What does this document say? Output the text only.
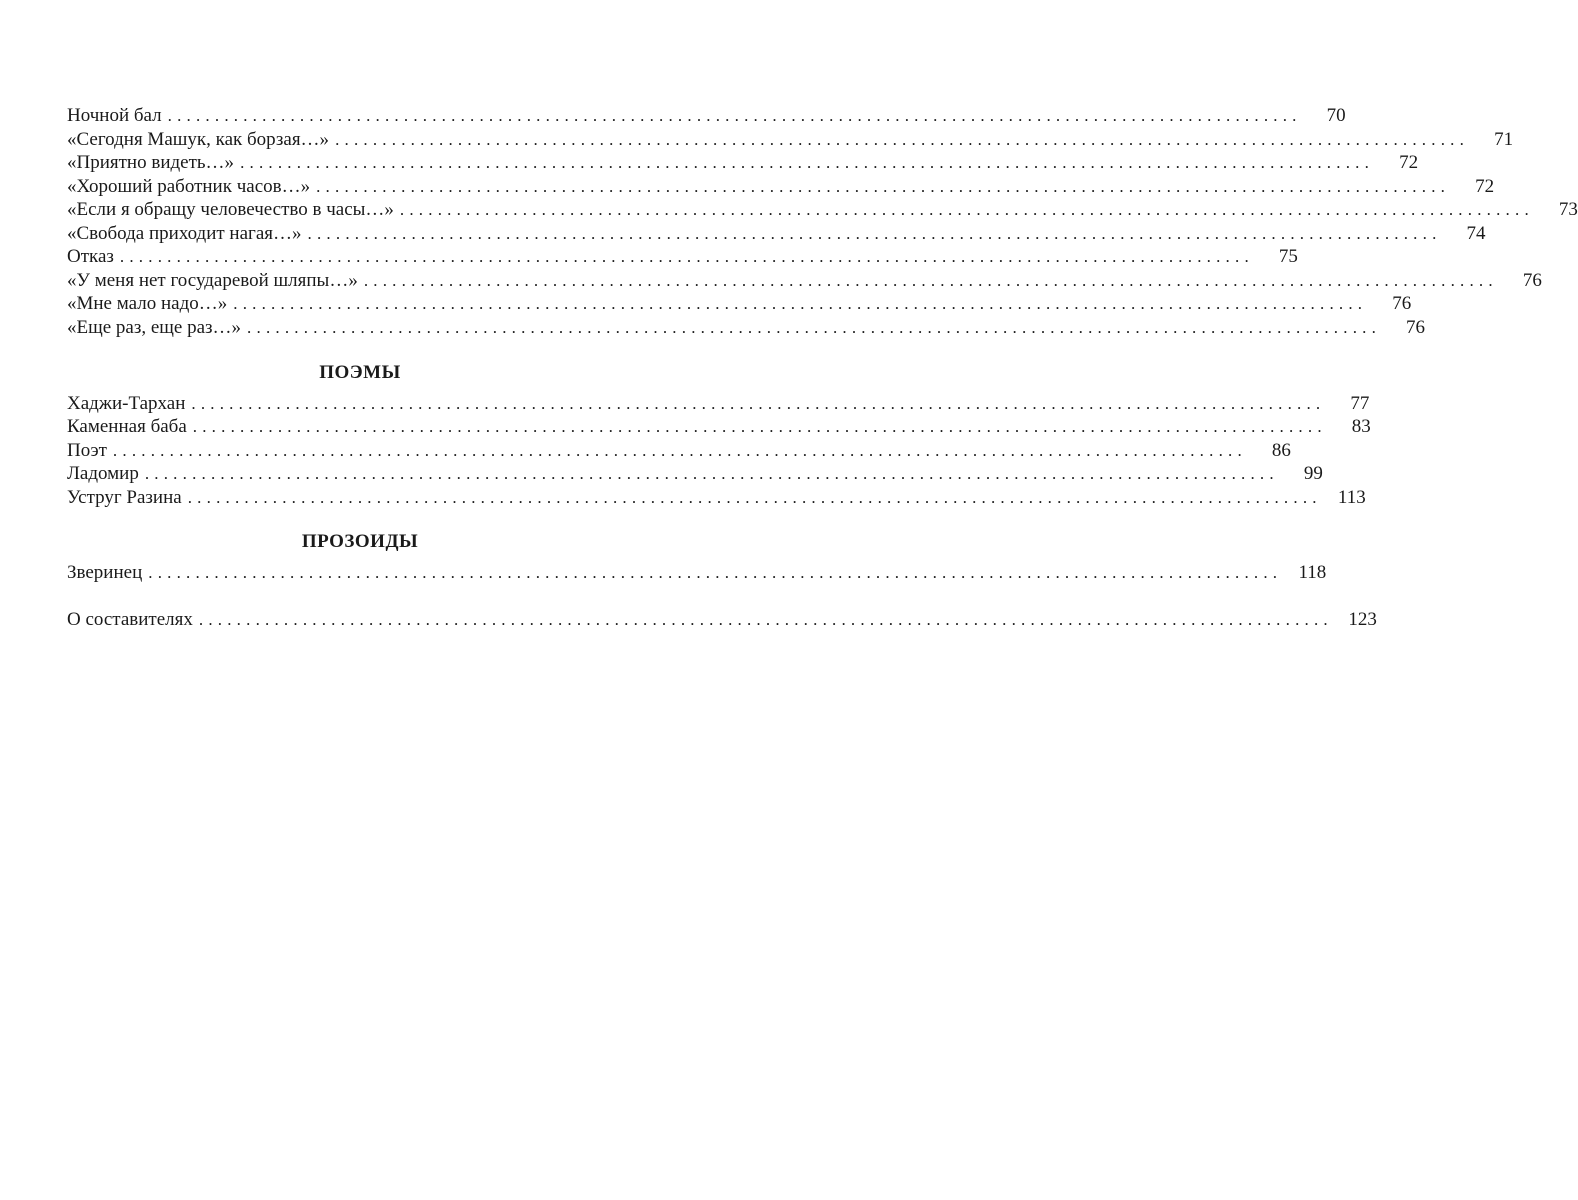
Ночной бал ........................................................................................................................	70
«Сегодня Машук, как борзая…» ........................................................................................................................	71
«Приятно видеть…» ........................................................................................................................	72
«Хороший работник часов…» ........................................................................................................................	72
«Если я обращу человечество в часы…» ........................................................................................................................	73
«Свобода приходит нагая…» ........................................................................................................................	74
Отказ ........................................................................................................................	75
«У меня нет государевой шляпы…» ........................................................................................................................	76
«Мне мало надо…» ........................................................................................................................	76
«Еще раз, еще раз…» ........................................................................................................................	76
ПОЭМЫ
Хаджи-Тархан ........................................................................................................................	77
Каменная баба ........................................................................................................................	83
Поэт ........................................................................................................................	86
Ладомир ........................................................................................................................	99
Уструг Разина ........................................................................................................................ 113
ПРОЗОИДЫ
Зверинец ........................................................................................................................ 118
О составителях ........................................................................................................................ 123
